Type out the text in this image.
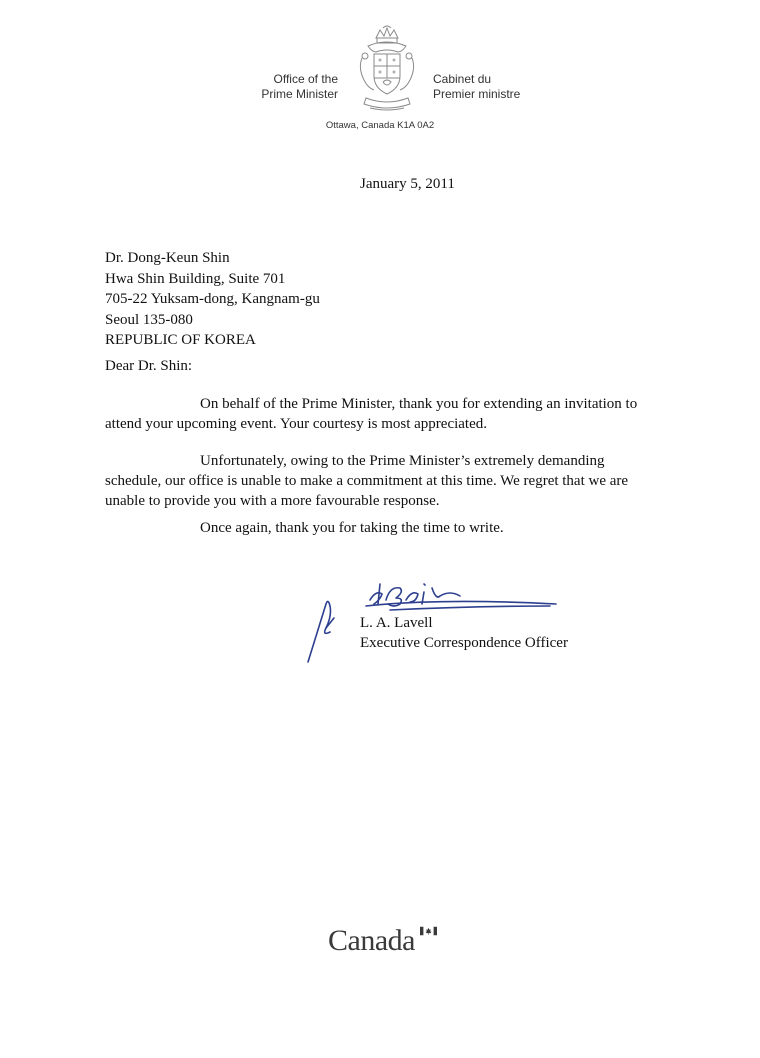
Office of the
Prime Minister
Cabinet du
Premier ministre
Ottawa, Canada K1A 0A2
January 5, 2011
Dr. Dong-Keun Shin
Hwa Shin Building, Suite 701
705-22 Yuksam-dong, Kangnam-gu
Seoul 135-080
REPUBLIC OF KOREA
Dear Dr. Shin:
On behalf of the Prime Minister, thank you for extending an invitation to
attend your upcoming event. Your courtesy is most appreciated.
Unfortunately, owing to the Prime Minister’s extremely demanding
schedule, our office is unable to make a commitment at this time. We regret that we are
unable to provide you with a more favourable response.
Once again, thank you for taking the time to write.
L. A. Lavell
Executive Correspondence Officer
Canada
